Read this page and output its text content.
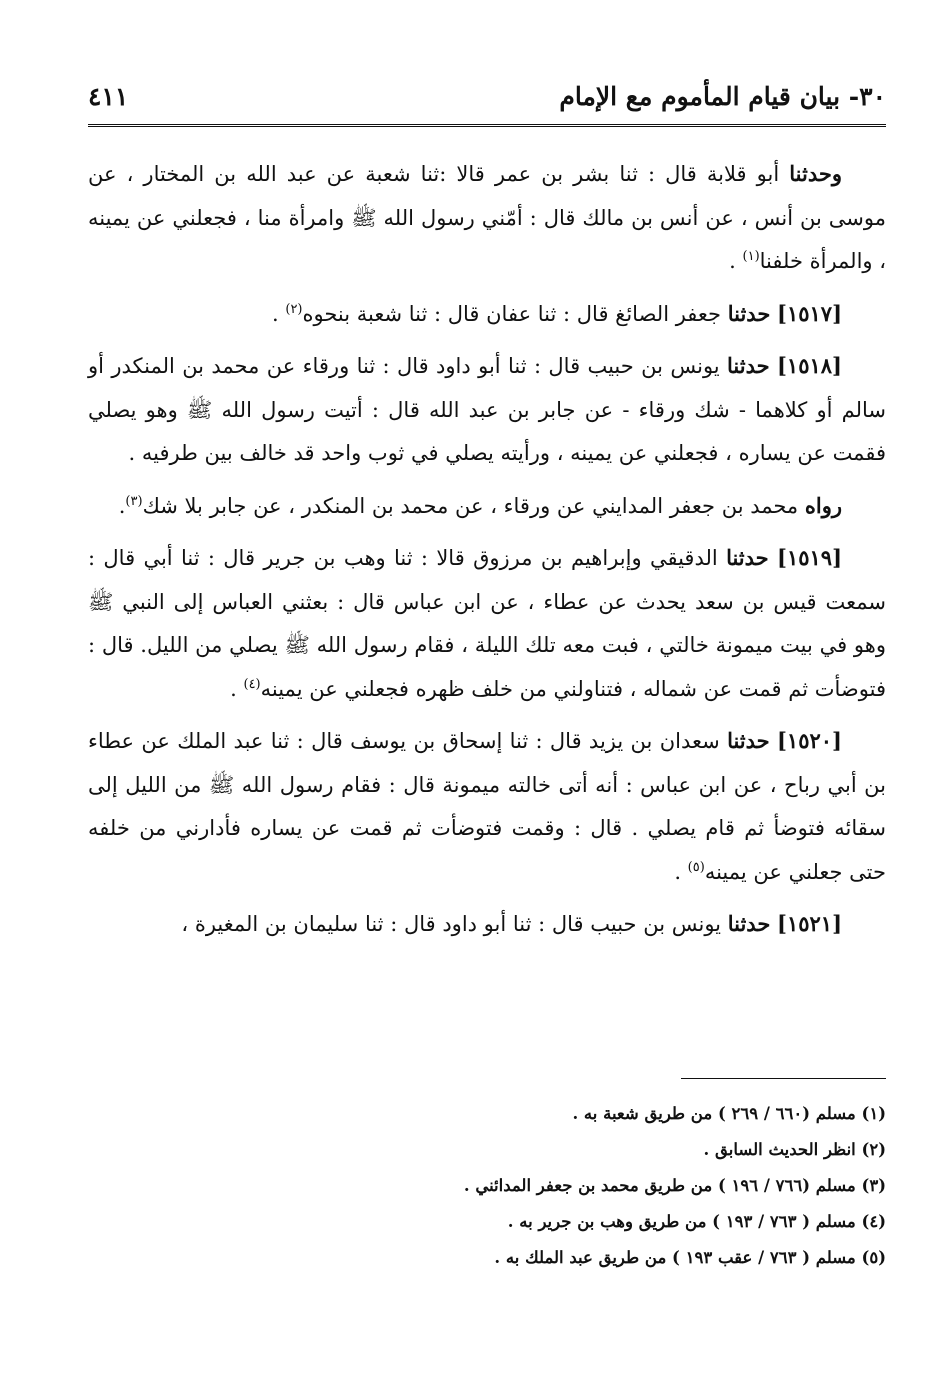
٣٠- بيان قيام المأموم مع الإمام
٤١١

وحدثنا أبو قلابة قال : ثنا بشر بن عمر قالا :ثنا شعبة عن عبد الله بن المختار ، عن موسى بن أنس ، عن أنس بن مالك قال : أمّني رسول الله ﷺ وامرأة منا ، فجعلني عن يمينه ، والمرأة خلفنا$^{(١)}$ .

[١٥١٧] حدثنا جعفر الصائغ قال : ثنا عفان قال : ثنا شعبة بنحوه$^{(٢)}$ .

[١٥١٨] حدثنا يونس بن حبيب قال : ثنا أبو داود قال : ثنا ورقاء عن محمد بن المنكدر أو سالم أو كلاهما - شك ورقاء - عن جابر بن عبد الله قال : أتيت رسول الله ﷺ وهو يصلي فقمت عن يساره ، فجعلني عن يمينه ، ورأيته يصلي في ثوب واحد قد خالف بين طرفيه .

رواه محمد بن جعفر المدايني عن ورقاء ، عن محمد بن المنكدر ، عن جابر بلا شك$^{(٣)}$.

[١٥١٩] حدثنا الدقيقي وإبراهيم بن مرزوق قالا : ثنا وهب بن جرير قال : ثنا أبي قال : سمعت قيس بن سعد يحدث عن عطاء ، عن ابن عباس قال : بعثني العباس إلى النبي ﷺ وهو في بيت ميمونة خالتي ، فبت معه تلك الليلة ، فقام رسول الله ﷺ يصلي من الليل. قال : فتوضأت ثم قمت عن شماله ، فتناولني من خلف ظهره فجعلني عن يمينه$^{(٤)}$ .

[١٥٢٠] حدثنا سعدان بن يزيد قال : ثنا إسحاق بن يوسف قال : ثنا عبد الملك عن عطاء بن أبي رباح ، عن ابن عباس : أنه أتى خالته ميمونة قال : فقام رسول الله ﷺ من الليل إلى سقائه فتوضأ ثم قام يصلي . قال : وقمت فتوضأت ثم قمت عن يساره فأدارني من خلفه حتى جعلني عن يمينه$^{(٥)}$ .

[١٥٢١] حدثنا يونس بن حبيب قال : ثنا أبو داود قال : ثنا سليمان بن المغيرة ،

(١) مسلم (٦٦٠ / ٢٦٩ ) من طريق شعبة به .

(٢) انظر الحديث السابق .

(٣) مسلم (٧٦٦ / ١٩٦ ) من طريق محمد بن جعفر المدائني .

(٤) مسلم ( ٧٦٣ / ١٩٣ ) من طريق وهب بن جرير به .

(٥) مسلم ( ٧٦٣ / عقب ١٩٣ ) من طريق عبد الملك به .
